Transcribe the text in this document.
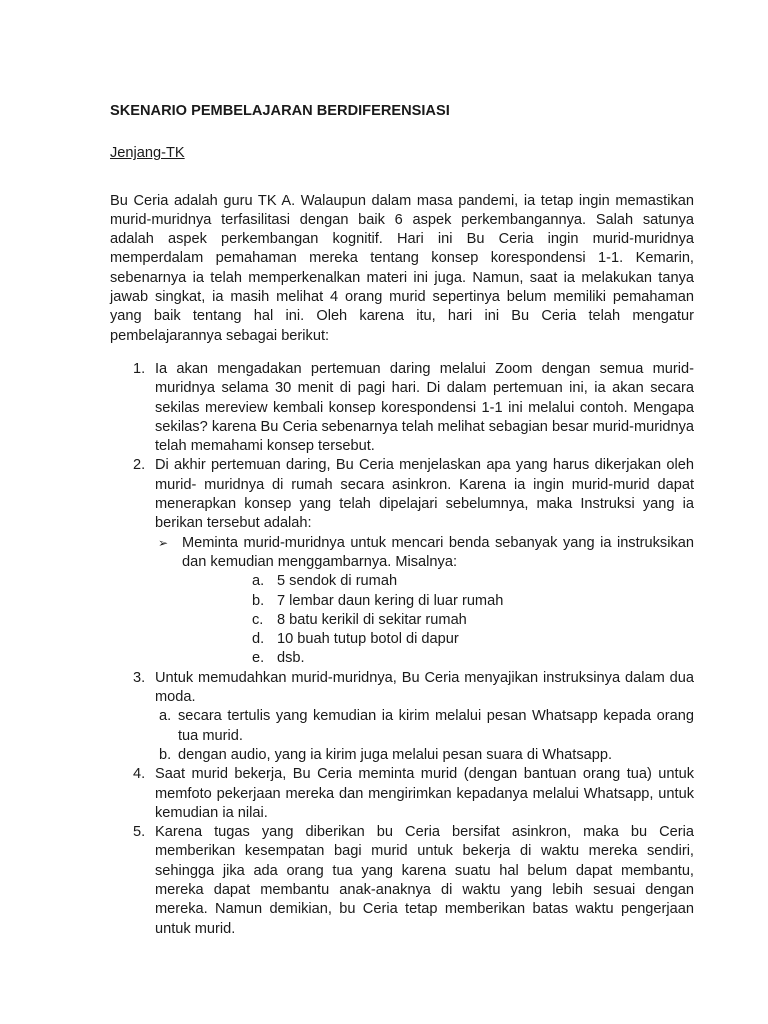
SKENARIO PEMBELAJARAN BERDIFERENSIASI

Jenjang-TK

Bu Ceria adalah guru TK A. Walaupun dalam masa pandemi, ia tetap ingin memastikan murid-muridnya terfasilitasi dengan baik 6 aspek perkembangannya. Salah satunya adalah aspek perkembangan kognitif. Hari ini Bu Ceria ingin murid-muridnya memperdalam pemahaman mereka tentang konsep korespondensi 1-1. Kemarin, sebenarnya ia telah memperkenalkan materi ini juga. Namun, saat ia melakukan tanya jawab singkat, ia masih melihat 4 orang murid sepertinya belum memiliki pemahaman yang baik tentang hal ini. Oleh karena itu, hari ini Bu Ceria telah mengatur pembelajarannya sebagai berikut:

1. Ia akan mengadakan pertemuan daring melalui Zoom dengan semua murid-muridnya selama 30 menit di pagi hari. Di dalam pertemuan ini, ia akan secara sekilas mereview kembali konsep korespondensi 1-1 ini melalui contoh. Mengapa sekilas? karena Bu Ceria sebenarnya telah melihat sebagian besar murid-muridnya telah memahami konsep tersebut.
2. Di akhir pertemuan daring, Bu Ceria menjelaskan apa yang harus dikerjakan oleh murid- muridnya di rumah secara asinkron. Karena ia ingin murid-murid dapat menerapkan konsep yang telah dipelajari sebelumnya, maka Instruksi yang ia berikan tersebut adalah:
➢ Meminta murid-muridnya untuk mencari benda sebanyak yang ia instruksikan dan kemudian menggambarnya. Misalnya:
a. 5 sendok di rumah
b. 7 lembar daun kering di luar rumah
c. 8 batu kerikil di sekitar rumah
d. 10 buah tutup botol di dapur
e. dsb.
3. Untuk memudahkan murid-muridnya, Bu Ceria menyajikan instruksinya dalam dua moda.
a. secara tertulis yang kemudian ia kirim melalui pesan Whatsapp kepada orang tua murid.
b. dengan audio, yang ia kirim juga melalui pesan suara di Whatsapp.
4. Saat murid bekerja, Bu Ceria meminta murid (dengan bantuan orang tua) untuk memfoto pekerjaan mereka dan mengirimkan kepadanya melalui Whatsapp, untuk kemudian ia nilai.
5. Karena tugas yang diberikan bu Ceria bersifat asinkron, maka bu Ceria memberikan kesempatan bagi murid untuk bekerja di waktu mereka sendiri, sehingga jika ada orang tua yang karena suatu hal belum dapat membantu, mereka dapat membantu anak-anaknya di waktu yang lebih sesuai dengan mereka. Namun demikian, bu Ceria tetap memberikan batas waktu pengerjaan untuk murid.
